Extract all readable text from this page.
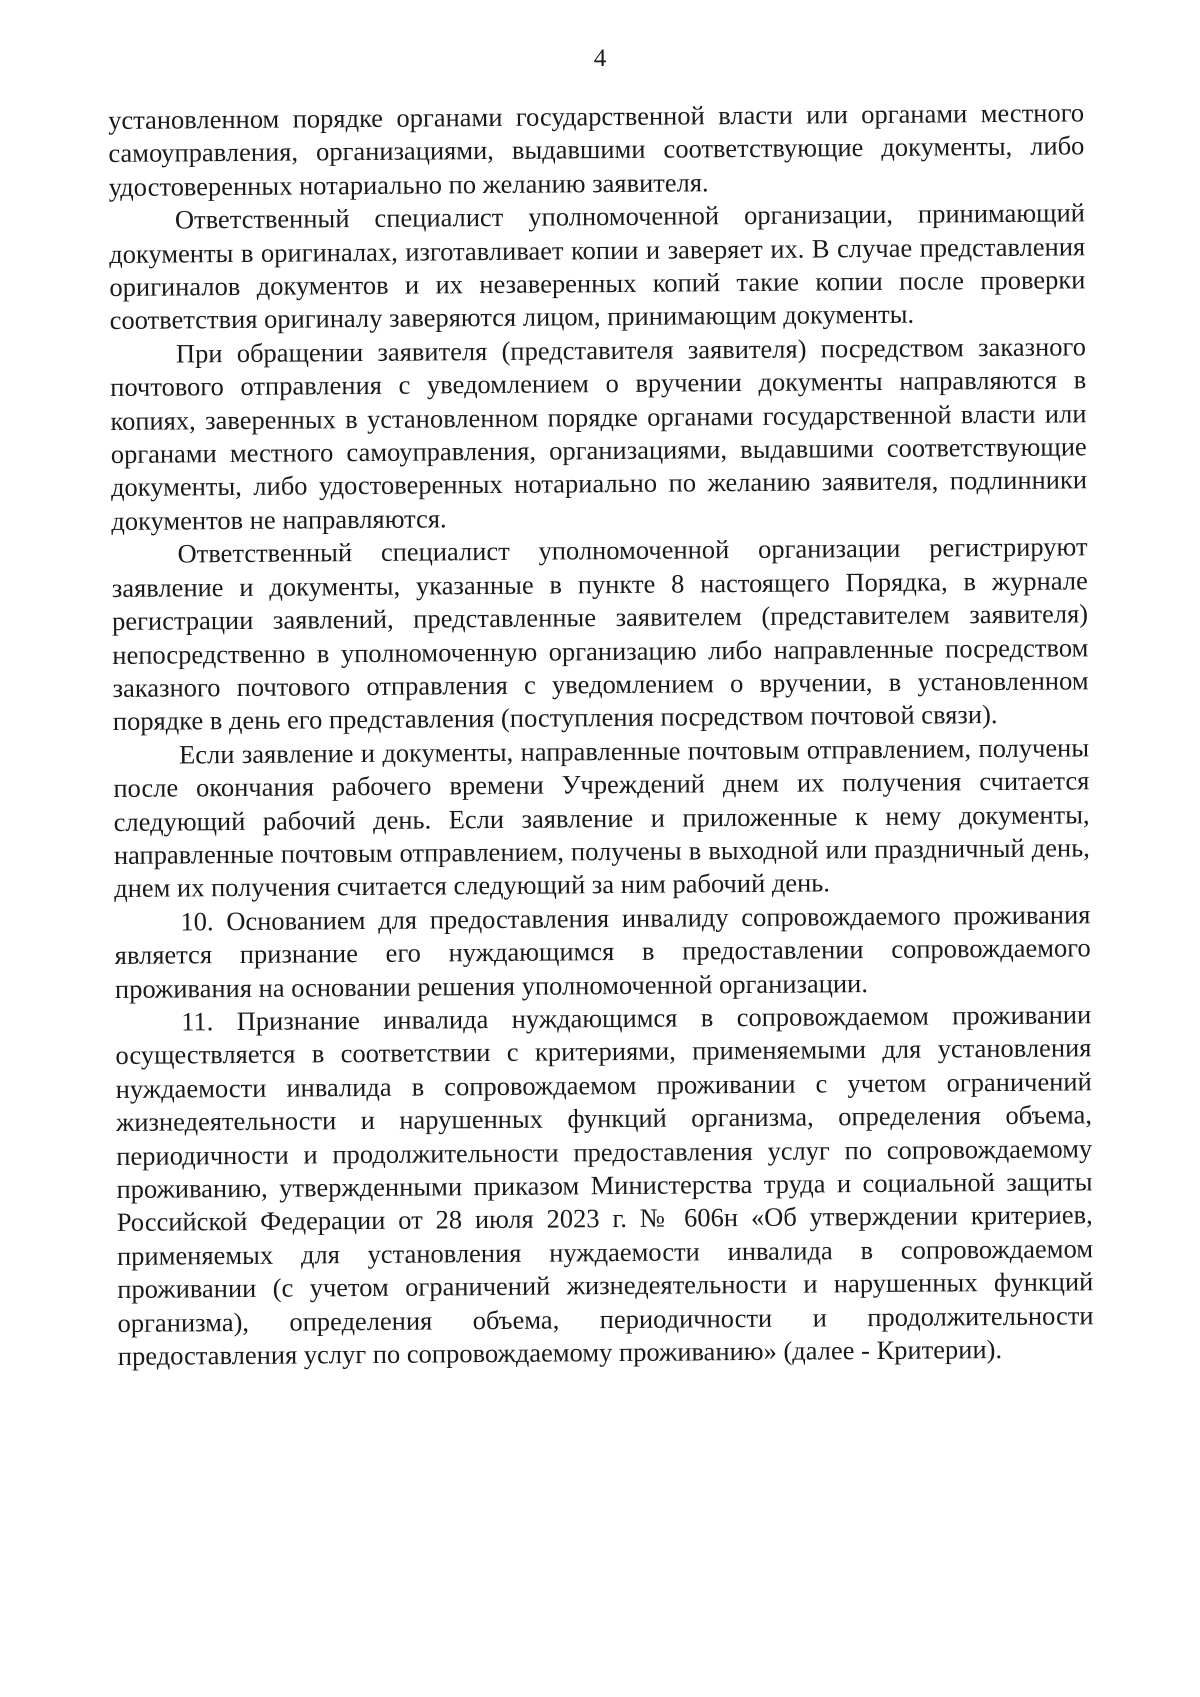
4

установленном порядке органами государственной власти или органами местного самоуправления, организациями, выдавшими соответствующие документы, либо удостоверенных нотариально по желанию заявителя.

Ответственный специалист уполномоченной организации, принимающий документы в оригиналах, изготавливает копии и заверяет их. В случае представления оригиналов документов и их незаверенных копий такие копии после проверки соответствия оригиналу заверяются лицом, принимающим документы.

При обращении заявителя (представителя заявителя) посредством заказного почтового отправления с уведомлением о вручении документы направляются в копиях, заверенных в установленном порядке органами государственной власти или органами местного самоуправления, организациями, выдавшими соответствующие документы, либо удостоверенных нотариально по желанию заявителя, подлинники документов не направляются.

Ответственный специалист уполномоченной организации регистрируют заявление и документы, указанные в пункте 8 настоящего Порядка, в журнале регистрации заявлений, представленные заявителем (представителем заявителя) непосредственно в уполномоченную организацию либо направленные посредством заказного почтового отправления с уведомлением о вручении, в установленном порядке в день его представления (поступления посредством почтовой связи).

Если заявление и документы, направленные почтовым отправлением, получены после окончания рабочего времени Учреждений днем их получения считается следующий рабочий день. Если заявление и приложенные к нему документы, направленные почтовым отправлением, получены в выходной или праздничный день, днем их получения считается следующий за ним рабочий день.

10. Основанием для предоставления инвалиду сопровождаемого проживания является признание его нуждающимся в предоставлении сопровождаемого проживания на основании решения уполномоченной организации.

11. Признание инвалида нуждающимся в сопровождаемом проживании осуществляется в соответствии с критериями, применяемыми для установления нуждаемости инвалида в сопровождаемом проживании с учетом ограничений жизнедеятельности и нарушенных функций организма, определения объема, периодичности и продолжительности предоставления услуг по сопровождаемому проживанию, утвержденными приказом Министерства труда и социальной защиты Российской Федерации от 28 июля 2023 г. № 606н «Об утверждении критериев, применяемых для установления нуждаемости инвалида в сопровождаемом проживании (с учетом ограничений жизнедеятельности и нарушенных функций организма), определения объема, периодичности и продолжительности предоставления услуг по сопровождаемому проживанию» (далее - Критерии).
